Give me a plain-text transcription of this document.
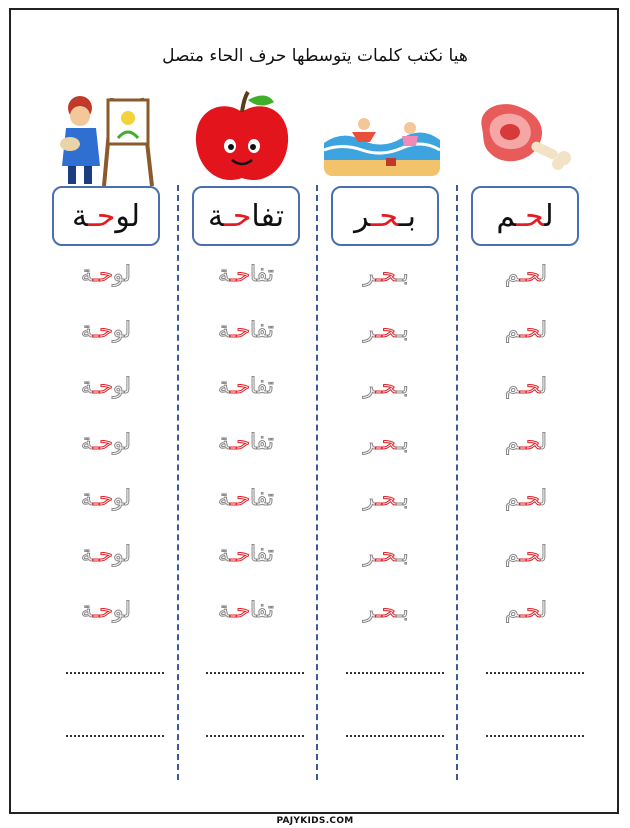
هيا نكتب كلمات يتوسطها حرف الحاء متصل
لحـم
بـحـر
تفاحـة
لوحـة
لحـم
لحـم
لحـم
لحـم
لحـم
لحـم
لحـم
بـحـر
بـحـر
بـحـر
بـحـر
بـحـر
بـحـر
بـحـر
تفاحـة
تفاحـة
تفاحـة
تفاحـة
تفاحـة
تفاحـة
تفاحـة
لوحـة
لوحـة
لوحـة
لوحـة
لوحـة
لوحـة
لوحـة
PAJYKIDS.COM
